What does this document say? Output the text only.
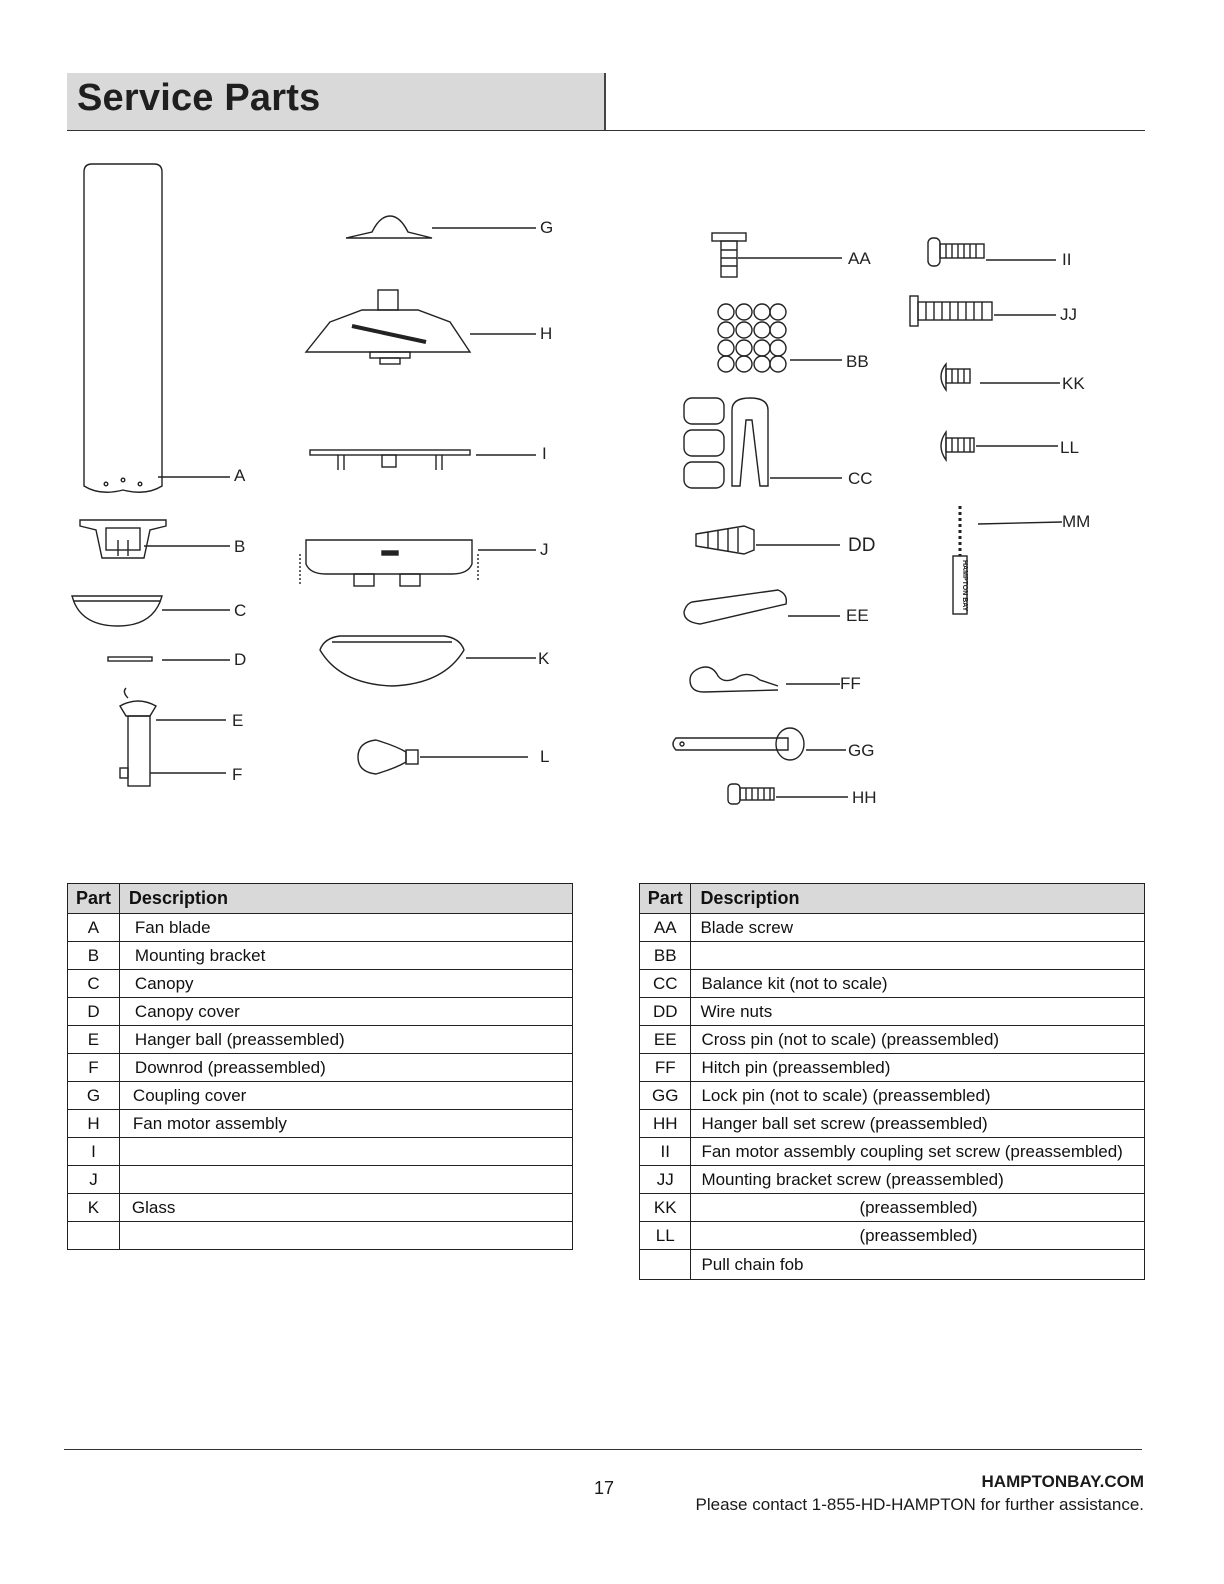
Service Parts
HAMPTON BAY
A
B
C
D
E
F
G
H
I
J
K
L
AA
BB
CC
DD
EE
FF
GG
HH
II
JJ
KK
LL
MM
Part	Description
A	Fan blade
B	Mounting bracket
C	Canopy
D	Canopy cover
E	Hanger ball (preassembled)
F	Downrod (preassembled)
G	Coupling cover
H	Fan motor assembly
I	
J	
K	Glass

Part	Description
AA	Blade screw
BB	
CC	Balance kit (not to scale)
DD	Wire nuts
EE	Cross pin (not to scale) (preassembled)
FF	Hitch pin (preassembled)
GG	Lock pin (not to scale) (preassembled)
HH	Hanger ball set screw (preassembled)
II	Fan motor assembly coupling set screw (preassembled)
JJ	Mounting bracket screw (preassembled)
KK	(preassembled)
LL	(preassembled)
	Pull chain fob
17	HAMPTONBAY.COM
Please contact 1-855-HD-HAMPTON for further assistance.
